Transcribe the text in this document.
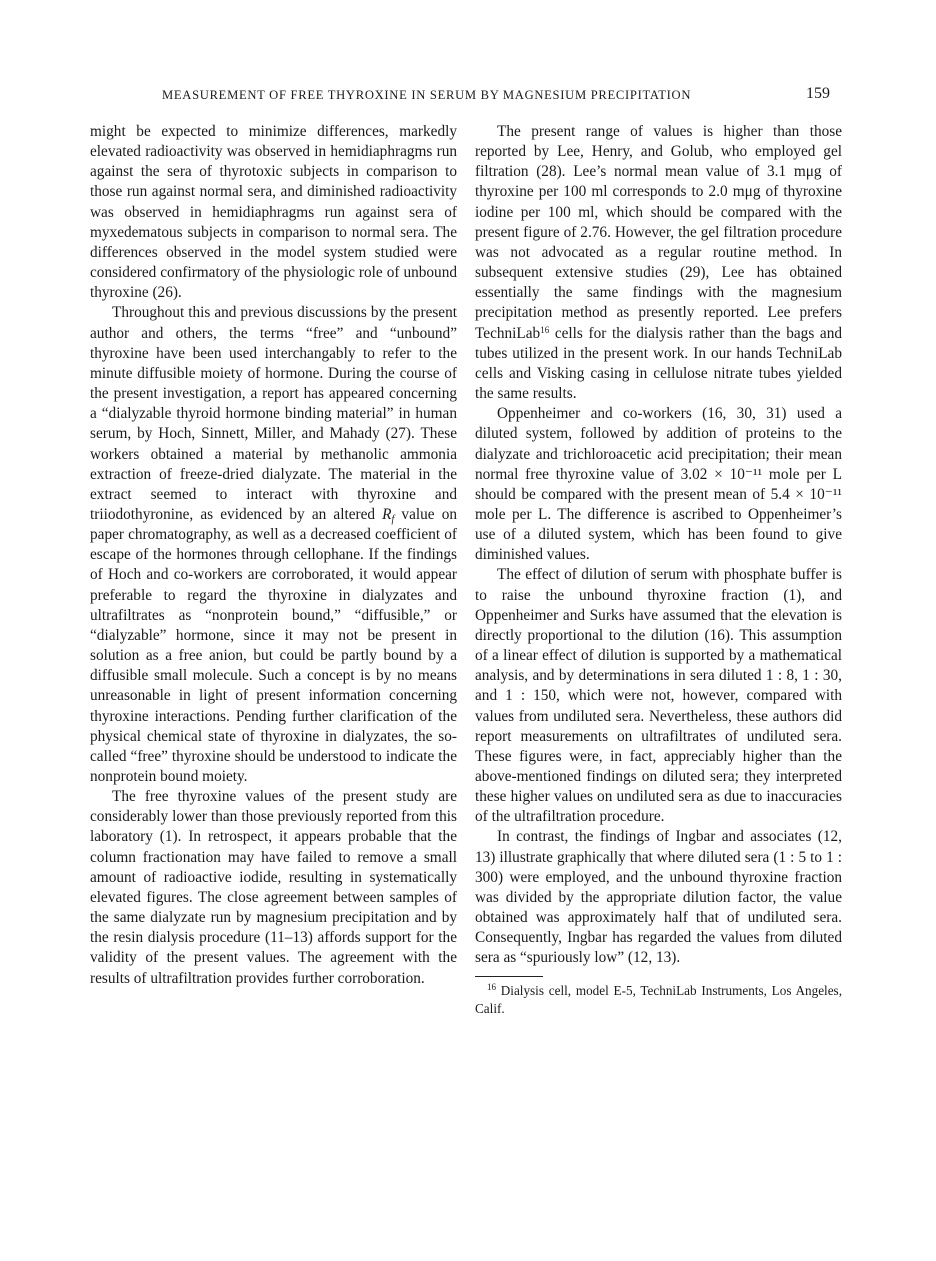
MEASUREMENT OF FREE THYROXINE IN SERUM BY MAGNESIUM PRECIPITATION	159

might be expected to minimize differences, markedly elevated radioactivity was observed in hemidiaphragms run against the sera of thyrotoxic subjects in comparison to those run against normal sera, and diminished radioactivity was observed in hemidiaphragms run against sera of myxedematous subjects in comparison to normal sera. The differences observed in the model system studied were considered confirmatory of the physiologic role of unbound thyroxine (26).

Throughout this and previous discussions by the present author and others, the terms “free” and “unbound” thyroxine have been used interchangably to refer to the minute diffusible moiety of hormone. During the course of the present investigation, a report has appeared concerning a “dialyzable thyroid hormone binding material” in human serum, by Hoch, Sinnett, Miller, and Mahady (27). These workers obtained a material by methanolic ammonia extraction of freeze-dried dialyzate. The material in the extract seemed to interact with thyroxine and triiodothyronine, as evidenced by an altered $R_f$ value on paper chromatography, as well as a decreased coefficient of escape of the hormones through cellophane. If the findings of Hoch and co-workers are corroborated, it would appear preferable to regard the thyroxine in dialyzates and ultrafiltrates as “nonprotein bound,” “diffusible,” or “dialyzable” hormone, since it may not be present in solution as a free anion, but could be partly bound by a diffusible small molecule. Such a concept is by no means unreasonable in light of present information concerning thyroxine interactions. Pending further clarification of the physical chemical state of thyroxine in dialyzates, the so-called “free” thyroxine should be understood to indicate the nonprotein bound moiety.

The free thyroxine values of the present study are considerably lower than those previously reported from this laboratory (1). In retrospect, it appears probable that the column fractionation may have failed to remove a small amount of radioactive iodide, resulting in systematically elevated figures. The close agreement between samples of the same dialyzate run by magnesium precipitation and by the resin dialysis procedure (11–13) affords support for the validity of the present values. The agreement with the results of ultrafiltration provides further corroboration.

The present range of values is higher than those reported by Lee, Henry, and Golub, who employed gel filtration (28). Lee’s normal mean value of 3.1 mμg of thyroxine per 100 ml corresponds to 2.0 mμg of thyroxine iodine per 100 ml, which should be compared with the present figure of 2.76. However, the gel filtration procedure was not advocated as a regular routine method. In subsequent extensive studies (29), Lee has obtained essentially the same findings with the magnesium precipitation method as presently reported. Lee prefers TechniLab$^{16}$ cells for the dialysis rather than the bags and tubes utilized in the present work. In our hands TechniLab cells and Visking casing in cellulose nitrate tubes yielded the same results.

Oppenheimer and co-workers (16, 30, 31) used a diluted system, followed by addition of proteins to the dialyzate and trichloroacetic acid precipitation; their mean normal free thyroxine value of 3.02 × 10⁻¹¹ mole per L should be compared with the present mean of 5.4 × 10⁻¹¹ mole per L. The difference is ascribed to Oppenheimer’s use of a diluted system, which has been found to give diminished values.

The effect of dilution of serum with phosphate buffer is to raise the unbound thyroxine fraction (1), and Oppenheimer and Surks have assumed that the elevation is directly proportional to the dilution (16). This assumption of a linear effect of dilution is supported by a mathematical analysis, and by determinations in sera diluted 1 : 8, 1 : 30, and 1 : 150, which were not, however, compared with values from undiluted sera. Nevertheless, these authors did report measurements on ultrafiltrates of undiluted sera. These figures were, in fact, appreciably higher than the above-mentioned findings on diluted sera; they interpreted these higher values on undiluted sera as due to inaccuracies of the ultrafiltration procedure.

In contrast, the findings of Ingbar and associates (12, 13) illustrate graphically that where diluted sera (1 : 5 to 1 : 300) were employed, and the unbound thyroxine fraction was divided by the appropriate dilution factor, the value obtained was approximately half that of undiluted sera. Consequently, Ingbar has regarded the values from diluted sera as “spuriously low” (12, 13).

$^{16}$ Dialysis cell, model E-5, TechniLab Instruments, Los Angeles, Calif.
